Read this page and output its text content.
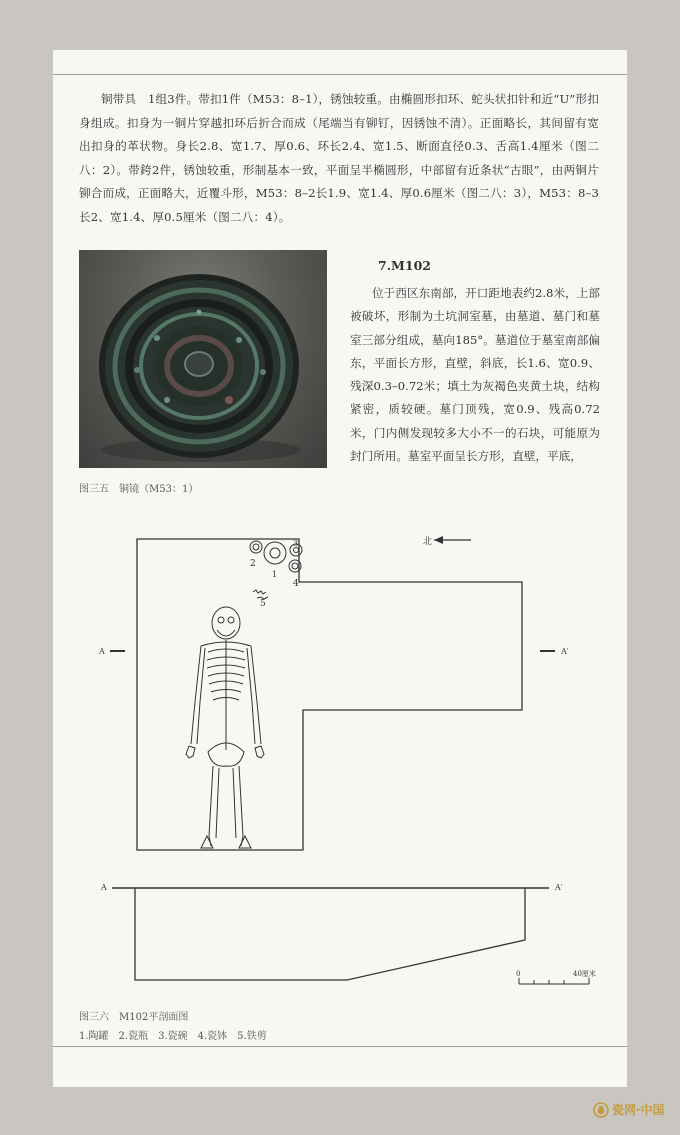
铜带具　 1组3件。带扣1件（M53：8–1），锈蚀较重。由椭圆形扣环、蛇头状扣针和近“U”形扣身组成。扣身为一铜片穿越扣环后折合而成（尾端当有铆钉，因锈蚀不清）。正面略长，其间留有宽出扣身的革状物。身长2.8、宽1.7、厚0.6、环长2.4、宽1.5、断面直径0.3、舌高1.4厘米（图二八：2）。带銙2件，锈蚀较重，形制基本一致，平面呈半椭圆形，中部留有近条状“古眼”，由两铜片铆合而成，正面略大，近覆斗形，M53：8–2长1.9、宽1.4、厚0.6厘米（图二八：3），M53：8–3长2、宽1.4、厚0.5厘米（图二八：4）。

图三五　铜镜（M53：1）

7.M102

位于西区东南部，开口距地表约2.8米，上部被破坏，形制为土坑洞室墓，由墓道、墓门和墓室三部分组成，墓向185°。墓道位于墓室南部偏东，平面长方形，直壁，斜底，长1.6、宽0.9、残深0.3–0.72米；填土为灰褐色夹黄土块，结构紧密，质较硬。墓门顶残，宽0.9、残高0.72米，门内侧发现较多大小不一的石块，可能原为封门所用。墓室平面呈长方形，直壁，平底，

北
A	A′
A	A′
2
3
1
4
5
0	40厘米

图三六　M102平剖面图

1.陶罐　2.瓷瓶　3.瓷碗　4.瓷钵　5.铁剪

瓷网·中国
